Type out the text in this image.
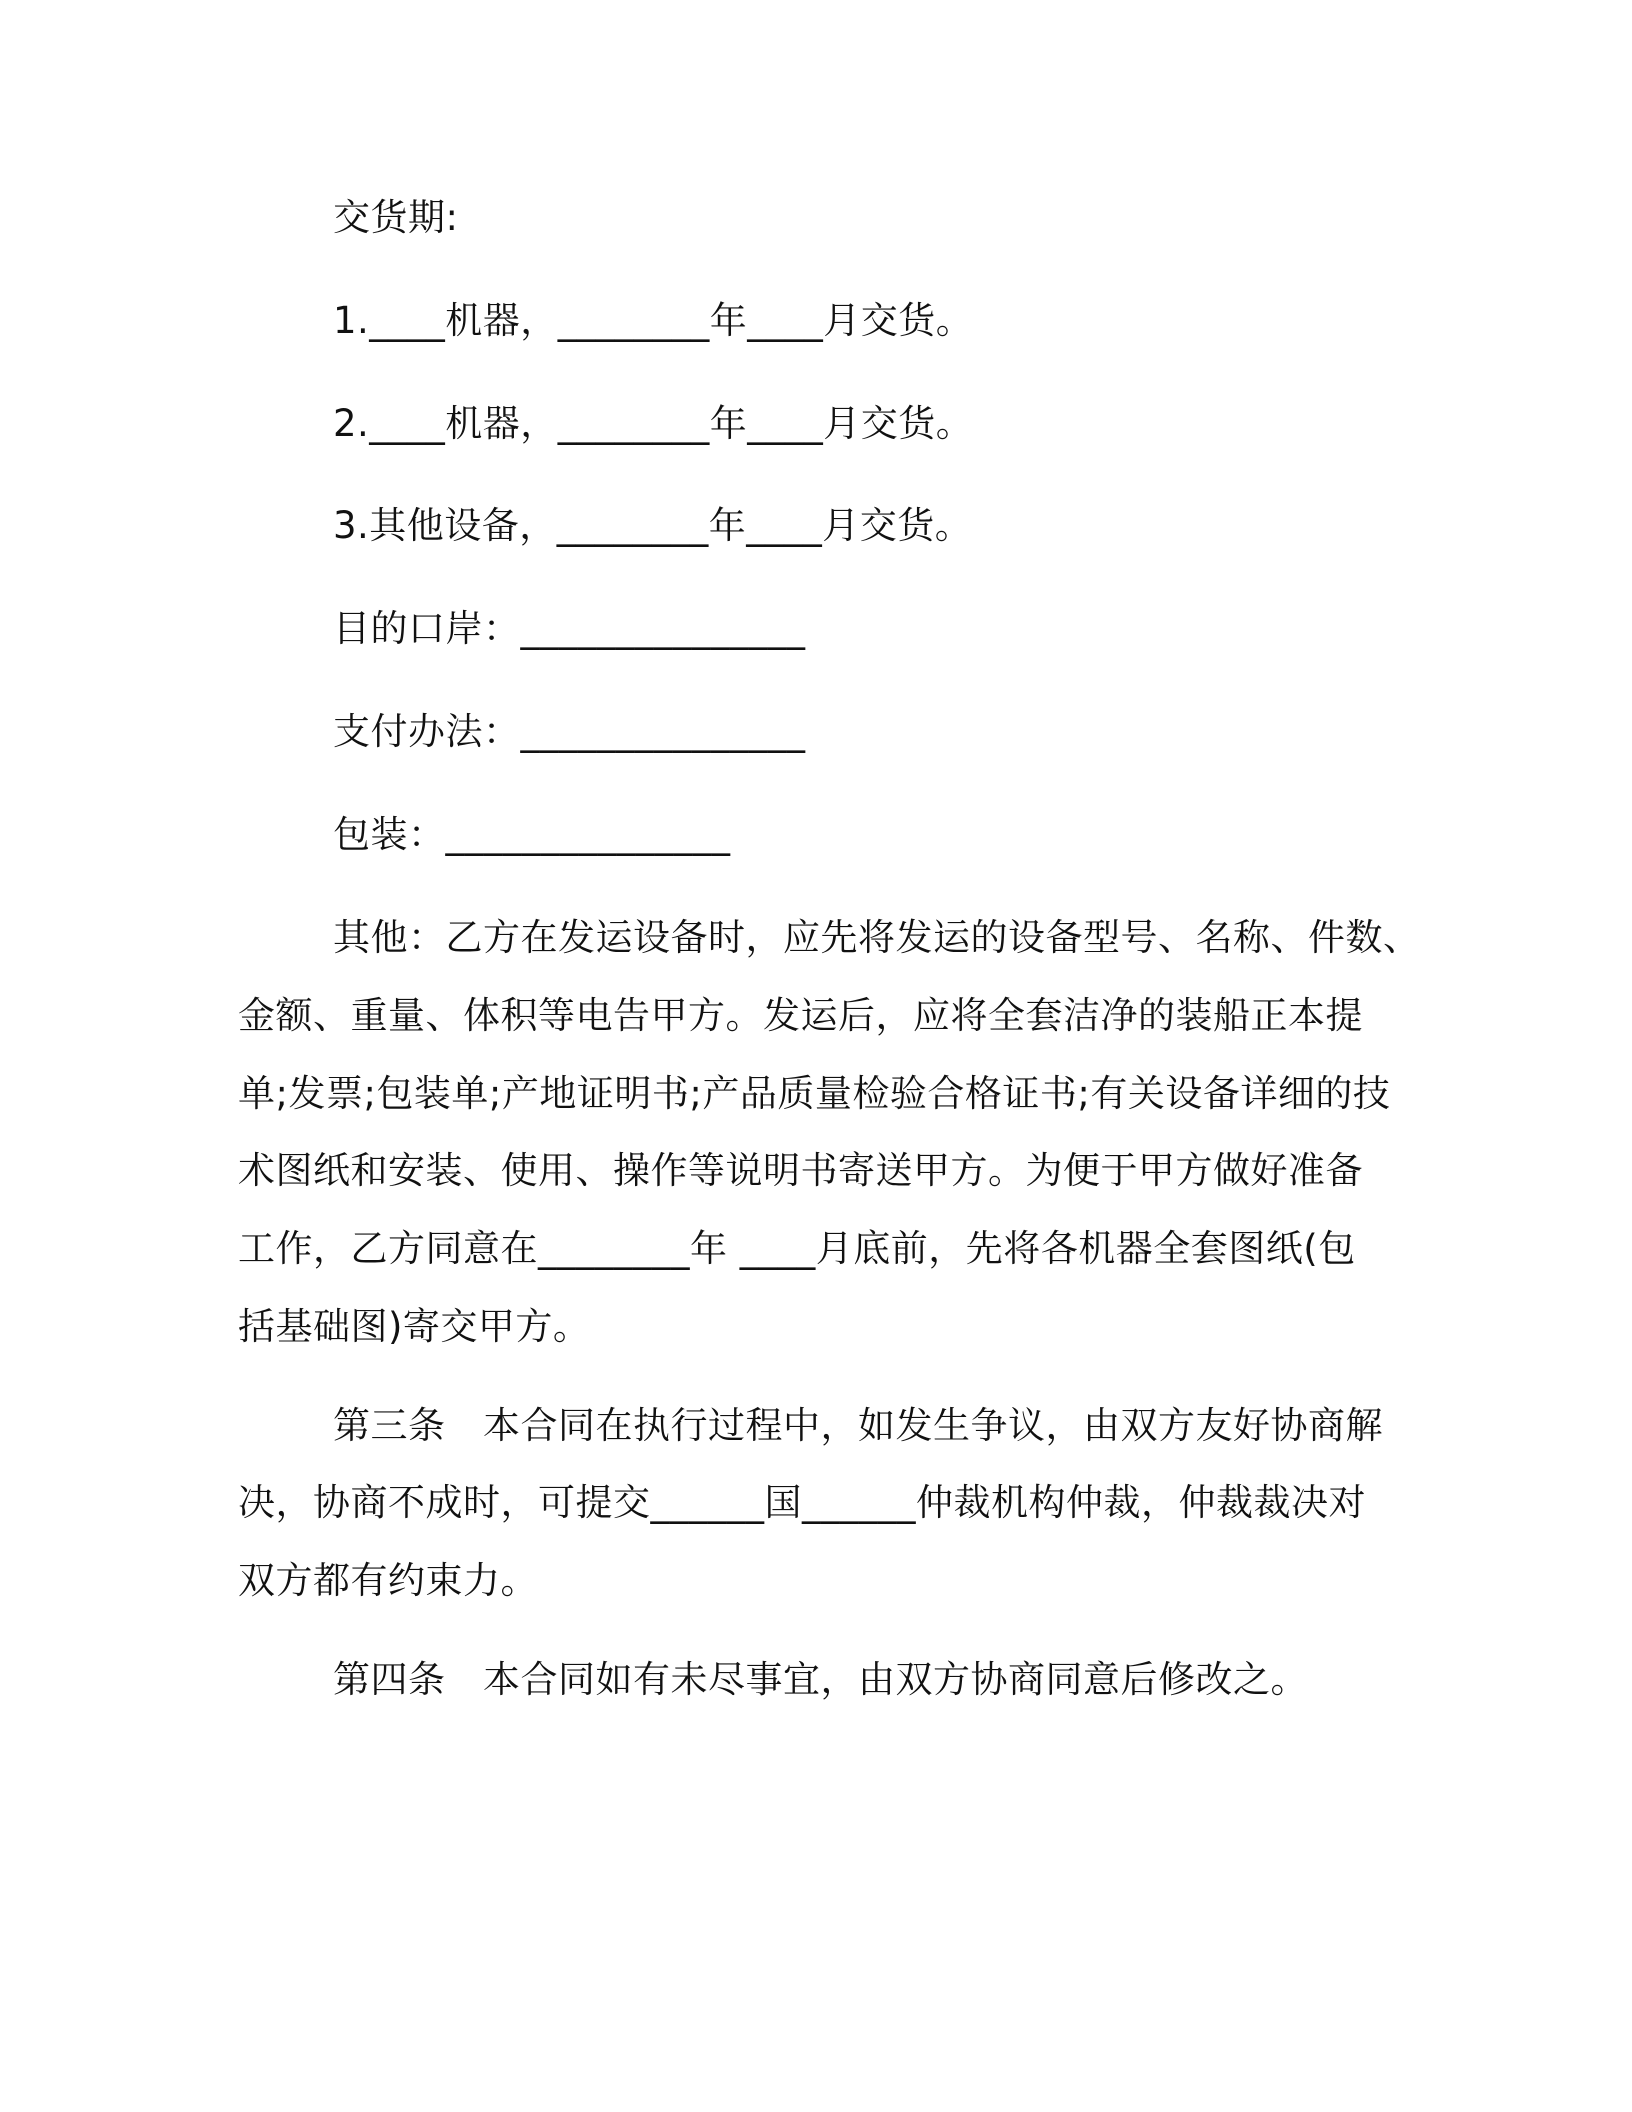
交货期:
1.____机器，________年____月交货。
2.____机器，________年____月交货。
3.其他设备，________年____月交货。
目的口岸：_______________
支付办法：_______________
包装：_______________
其他：乙方在发运设备时，应先将发运的设备型号、名称、件数、
金额、重量、体积等电告甲方。发运后，应将全套洁净的装船正本提
单;发票;包装单;产地证明书;产品质量检验合格证书;有关设备详细的技
术图纸和安装、使用、操作等说明书寄送甲方。为便于甲方做好准备
工作，乙方同意在________年 ____月底前，先将各机器全套图纸(包
括基础图)寄交甲方。
第三条　本合同在执行过程中，如发生争议，由双方友好协商解
决，协商不成时，可提交______国______仲裁机构仲裁，仲裁裁决对
双方都有约束力。
第四条　本合同如有未尽事宜，由双方协商同意后修改之。
